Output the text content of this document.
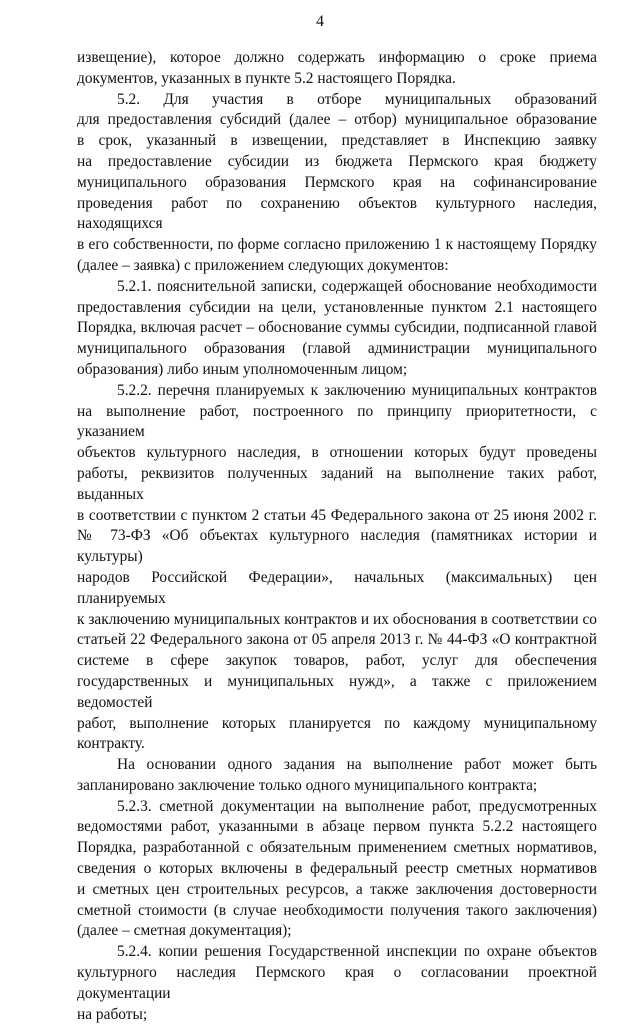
4

извещение), которое должно содержать информацию о сроке приема

документов, указанных в пункте 5.2 настоящего Порядка.

5.2. Для участия в отборе муниципальных образований

для предоставления субсидий (далее – отбор) муниципальное образование

в срок, указанный в извещении, представляет в Инспекцию заявку

на предоставление субсидии из бюджета Пермского края бюджету

муниципального образования Пермского края на софинансирование

проведения работ по сохранению объектов культурного наследия, находящихся

в его собственности, по форме согласно приложению 1 к настоящему Порядку

(далее – заявка) с приложением следующих документов:

5.2.1. пояснительной записки, содержащей обоснование необходимости

предоставления субсидии на цели, установленные пунктом 2.1 настоящего

Порядка, включая расчет – обоснование суммы субсидии, подписанной главой

муниципального образования (главой администрации муниципального

образования) либо иным уполномоченным лицом;

5.2.2. перечня планируемых к заключению муниципальных контрактов

на выполнение работ, построенного по принципу приоритетности, с указанием

объектов культурного наследия, в отношении которых будут проведены

работы, реквизитов полученных заданий на выполнение таких работ, выданных

в соответствии с пунктом 2 статьи 45 Федерального закона от 25 июня 2002 г.

№ 73-ФЗ «Об объектах культурного наследия (памятниках истории и культуры)

народов Российской Федерации», начальных (максимальных) цен планируемых

к заключению муниципальных контрактов и их обоснования в соответствии со

статьей 22 Федерального закона от 05 апреля 2013 г. № 44-ФЗ «О контрактной

системе в сфере закупок товаров, работ, услуг для обеспечения

государственных и муниципальных нужд», а также с приложением ведомостей

работ, выполнение которых планируется по каждому муниципальному

контракту.

На основании одного задания на выполнение работ может быть

запланировано заключение только одного муниципального контракта;

5.2.3. сметной документации на выполнение работ, предусмотренных

ведомостями работ, указанными в абзаце первом пункта 5.2.2 настоящего

Порядка, разработанной с обязательным применением сметных нормативов,

сведения о которых включены в федеральный реестр сметных нормативов

и сметных цен строительных ресурсов, а также заключения достоверности

сметной стоимости (в случае необходимости получения такого заключения)

(далее – сметная документация);

5.2.4. копии решения Государственной инспекции по охране объектов

культурного наследия Пермского края о согласовании проектной документации

на работы;
